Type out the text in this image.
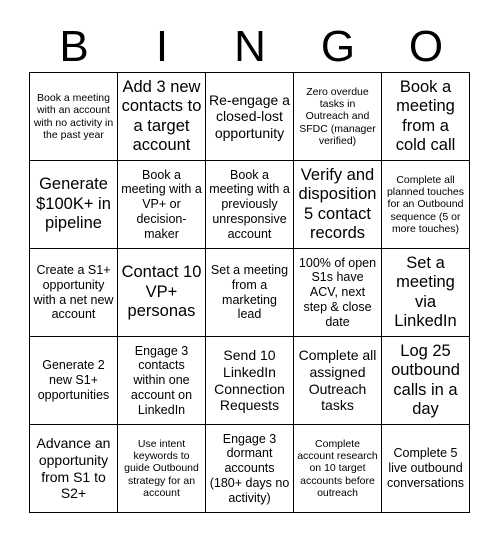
B	I	N	G	O
Book a meeting with an account with no activity in the past year
Add 3 new contacts to a target account
Re-engage a closed-lost opportunity
Zero overdue tasks in Outreach and SFDC (manager verified)
Book a meeting from a cold call
Generate $100K+ in pipeline
Book a meeting with a VP+ or decision-maker
Book a meeting with a previously unresponsive account
Verify and disposition 5 contact records
Complete all planned touches for an Outbound sequence (5 or more touches)
Create a S1+ opportunity with a net new account
Contact 10 VP+ personas
Set a meeting from a marketing lead
100% of open S1s have ACV, next step & close date
Set a meeting via LinkedIn
Generate 2 new S1+ opportunities
Engage 3 contacts within one account on LinkedIn
Send 10 LinkedIn Connection Requests
Complete all assigned Outreach tasks
Log 25 outbound calls in a day
Advance an opportunity from S1 to S2+
Use intent keywords to guide Outbound strategy for an account
Engage 3 dormant accounts (180+ days no activity)
Complete account research on 10 target accounts before outreach
Complete 5 live outbound conversations
